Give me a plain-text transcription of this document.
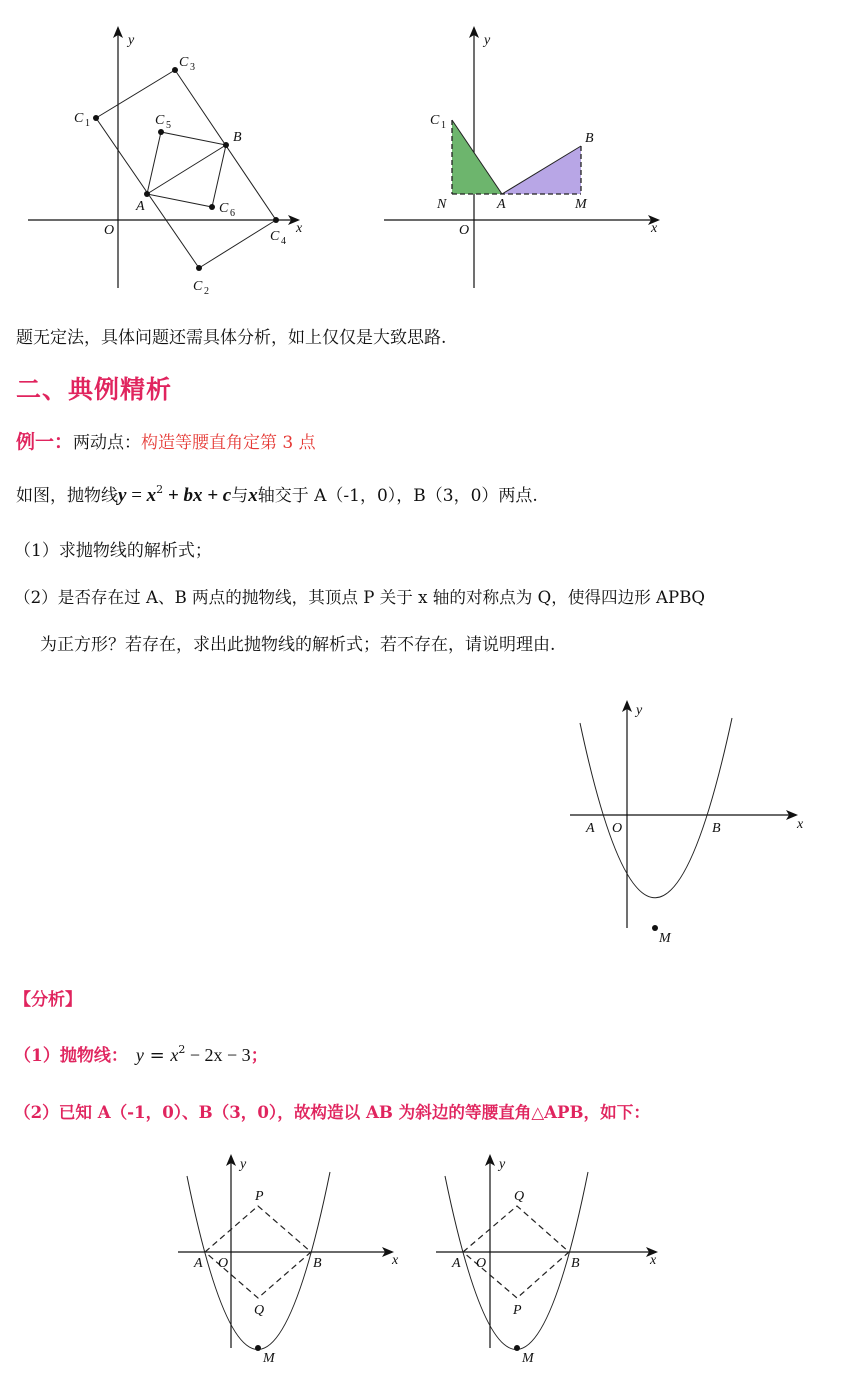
y
x
O
A
B
C 1
C 2
C 3
C 4
C 5
C 6
y
x
O
A
B
C 1
N	M
题无定法，具体问题还需具体分析，如上仅仅是大致思路.
二、典例精析
例一：两动点：构造等腰直角定第 3 点
如图，抛物线$y = x^2$ + bx + c与x轴交于 A（-1，0），B（3，0）两点.
（1）求抛物线的解析式；
（2）是否存在过 A、B 两点的抛物线，其顶点 P 关于 x 轴的对称点为 Q，使得四边形 APBQ
为正方形？若存在，求出此抛物线的解析式；若不存在，请说明理由.
y
x
O
A	B
M
【分析】
（1）抛物线： $y = x^2 - 2x - 3$；
（2）已知 A（-1，0）、B（3，0），故构造以 AB 为斜边的等腰直角△APB，如下：
y
x
O
A	B
P
Q
M
y
x
O
A	B
Q
P
M
